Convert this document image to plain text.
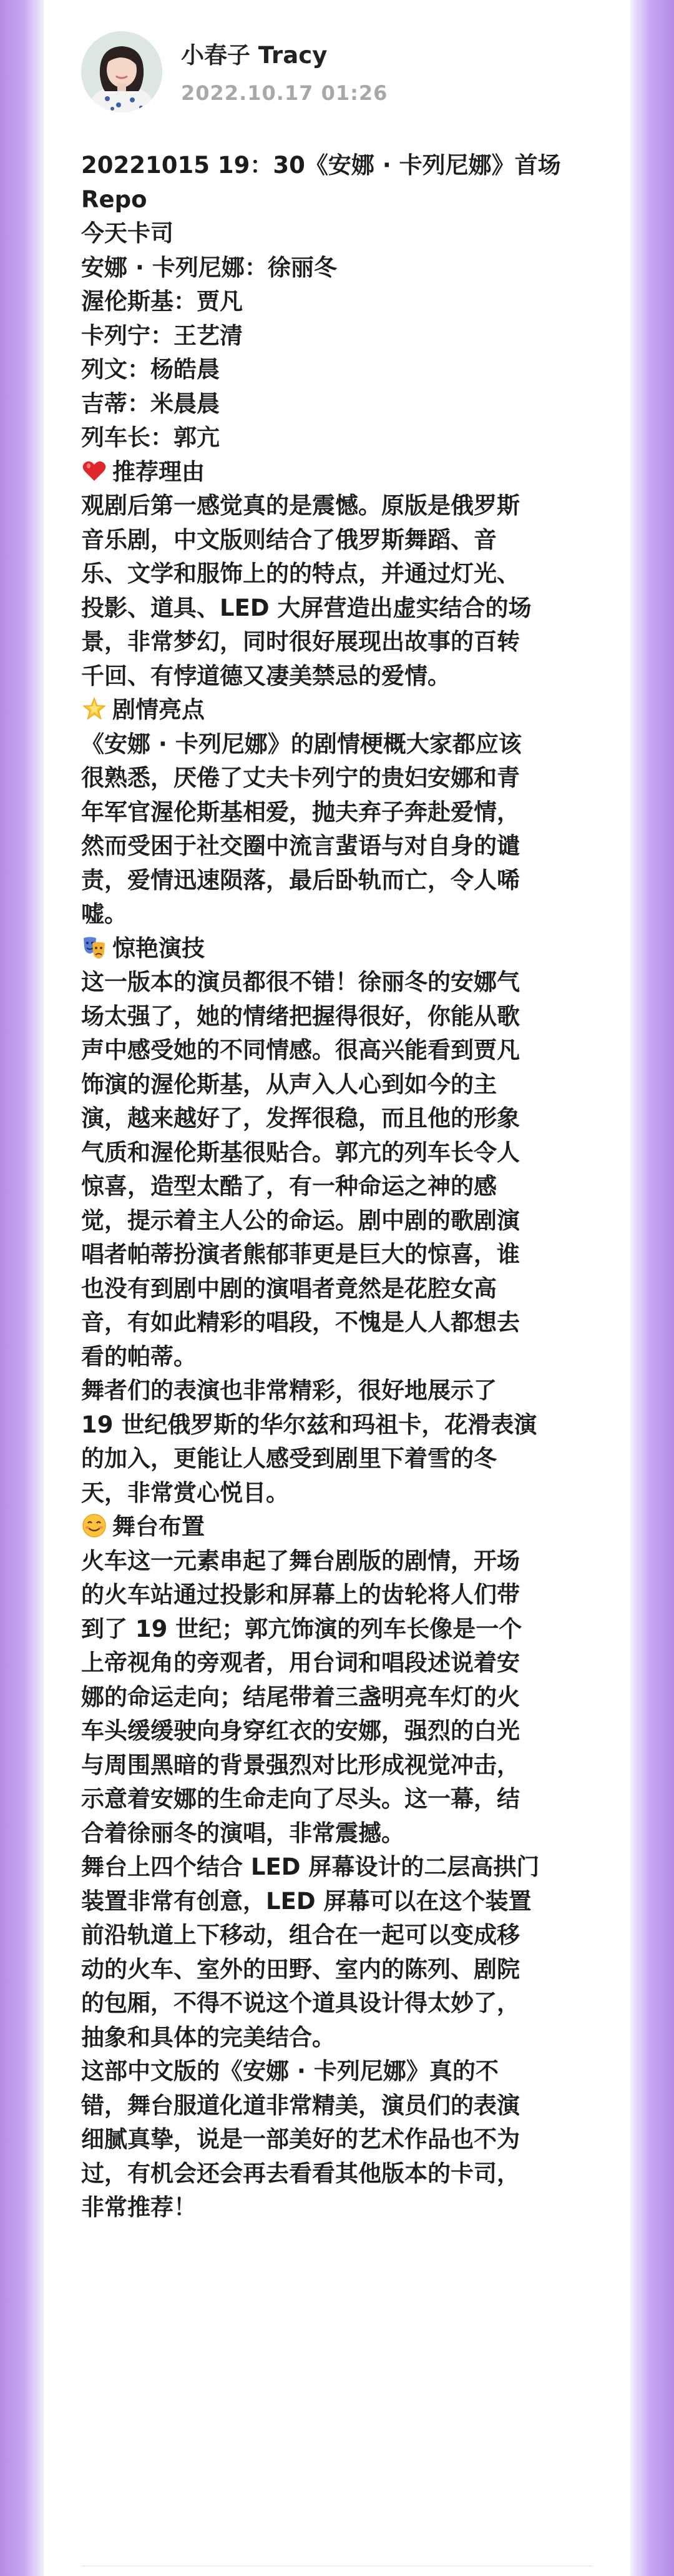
小春子 Tracy
2022.10.17 01:26
20221015 19：30《安娜 · 卡列尼娜》首场
Repo
今天卡司
安娜 · 卡列尼娜：徐丽冬
渥伦斯基：贾凡
卡列宁：王艺清
列文：杨皓晨
吉蒂：米晨晨
列车长：郭亢
推荐理由
观剧后第一感觉真的是震憾。原版是俄罗斯
音乐剧，中文版则结合了俄罗斯舞蹈、音
乐、文学和服饰上的的特点，并通过灯光、
投影、道具、LED 大屏营造出虚实结合的场
景，非常梦幻，同时很好展现出故事的百转
千回、有悖道德又凄美禁忌的爱情。
剧情亮点
《安娜 · 卡列尼娜》的剧情梗概大家都应该
很熟悉，厌倦了丈夫卡列宁的贵妇安娜和青
年军官渥伦斯基相爱，抛夫弃子奔赴爱情，
然而受困于社交圈中流言蜚语与对自身的谴
责，爱情迅速陨落，最后卧轨而亡，令人唏
嘘。
惊艳演技
这一版本的演员都很不错！徐丽冬的安娜气
场太强了，她的情绪把握得很好，你能从歌
声中感受她的不同情感。很高兴能看到贾凡
饰演的渥伦斯基，从声入人心到如今的主
演，越来越好了，发挥很稳，而且他的形象
气质和渥伦斯基很贴合。郭亢的列车长令人
惊喜，造型太酷了，有一种命运之神的感
觉，提示着主人公的命运。剧中剧的歌剧演
唱者帕蒂扮演者熊郁菲更是巨大的惊喜，谁
也没有到剧中剧的演唱者竟然是花腔女高
音，有如此精彩的唱段，不愧是人人都想去
看的帕蒂。
舞者们的表演也非常精彩，很好地展示了
19 世纪俄罗斯的华尔兹和玛祖卡，花滑表演
的加入，更能让人感受到剧里下着雪的冬
天，非常赏心悦目。
舞台布置
火车这一元素串起了舞台剧版的剧情，开场
的火车站通过投影和屏幕上的齿轮将人们带
到了 19 世纪；郭亢饰演的列车长像是一个
上帝视角的旁观者，用台词和唱段述说着安
娜的命运走向；结尾带着三盏明亮车灯的火
车头缓缓驶向身穿红衣的安娜，强烈的白光
与周围黑暗的背景强烈对比形成视觉冲击，
示意着安娜的生命走向了尽头。这一幕，结
合着徐丽冬的演唱，非常震撼。
舞台上四个结合 LED 屏幕设计的二层高拱门
装置非常有创意，LED 屏幕可以在这个装置
前沿轨道上下移动，组合在一起可以变成移
动的火车、室外的田野、室内的陈列、剧院
的包厢，不得不说这个道具设计得太妙了，
抽象和具体的完美结合。
这部中文版的《安娜 · 卡列尼娜》真的不
错，舞台服道化道非常精美，演员们的表演
细腻真挚，说是一部美好的艺术作品也不为
过，有机会还会再去看看其他版本的卡司，
非常推荐！
